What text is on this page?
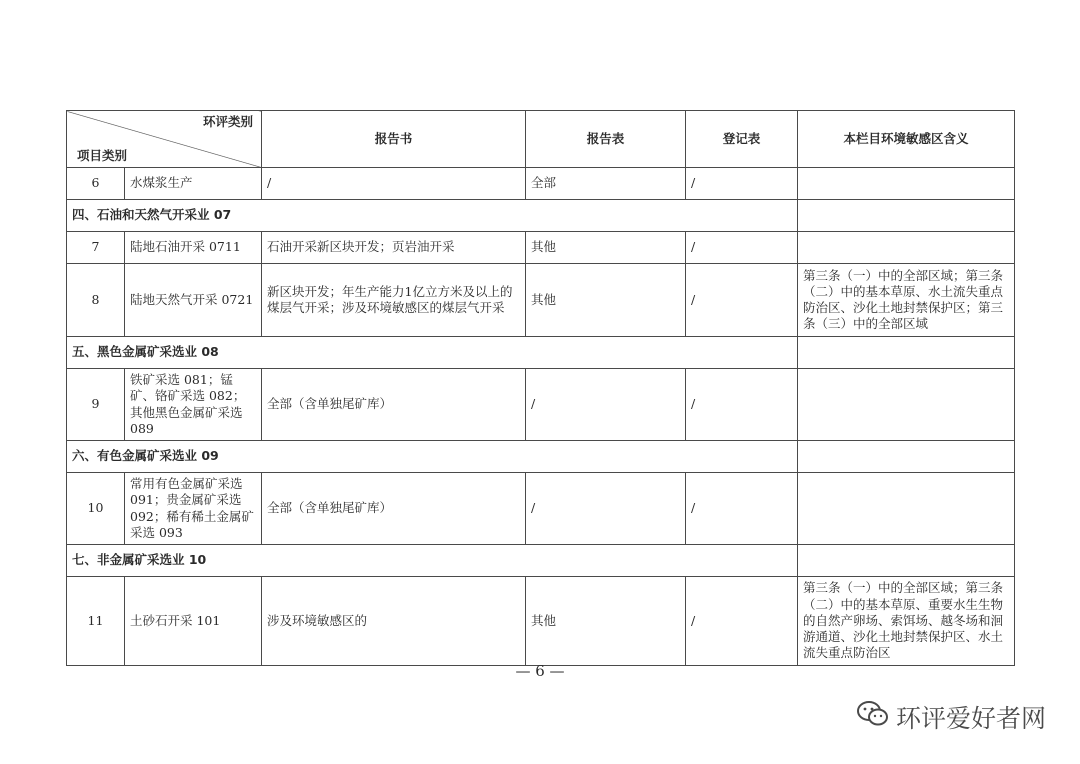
环评类别
项目类别		报告书	报告表	登记表	本栏目环境敏感区含义
6	水煤浆生产	/	全部	/	
四、石油和天然气开采业 07					
7	陆地石油开采 0711	石油开采新区块开发；页岩油开采	其他	/	
8	陆地天然气开采 0721	新区块开发；年生产能力1亿立方米及以上的煤层气开采；涉及环境敏感区的煤层气开采	其他	/	第三条（一）中的全部区域；第三条（二）中的基本草原、水土流失重点防治区、沙化土地封禁保护区；第三条（三）中的全部区域
五、黑色金属矿采选业 08					
9	铁矿采选 081；锰矿、铬矿采选 082；其他黑色金属矿采选 089	全部（含单独尾矿库）	/	/	
六、有色金属矿采选业 09					
10	常用有色金属矿采选 091；贵金属矿采选 092；稀有稀土金属矿采选 093	全部（含单独尾矿库）	/	/	
七、非金属矿采选业 10					
11	土砂石开采 101	涉及环境敏感区的	其他	/	第三条（一）中的全部区域；第三条（二）中的基本草原、重要水生生物的自然产卵场、索饵场、越冬场和洄游通道、沙化土地封禁保护区、水土流失重点防治区
— 6 —
环评爱好者网
